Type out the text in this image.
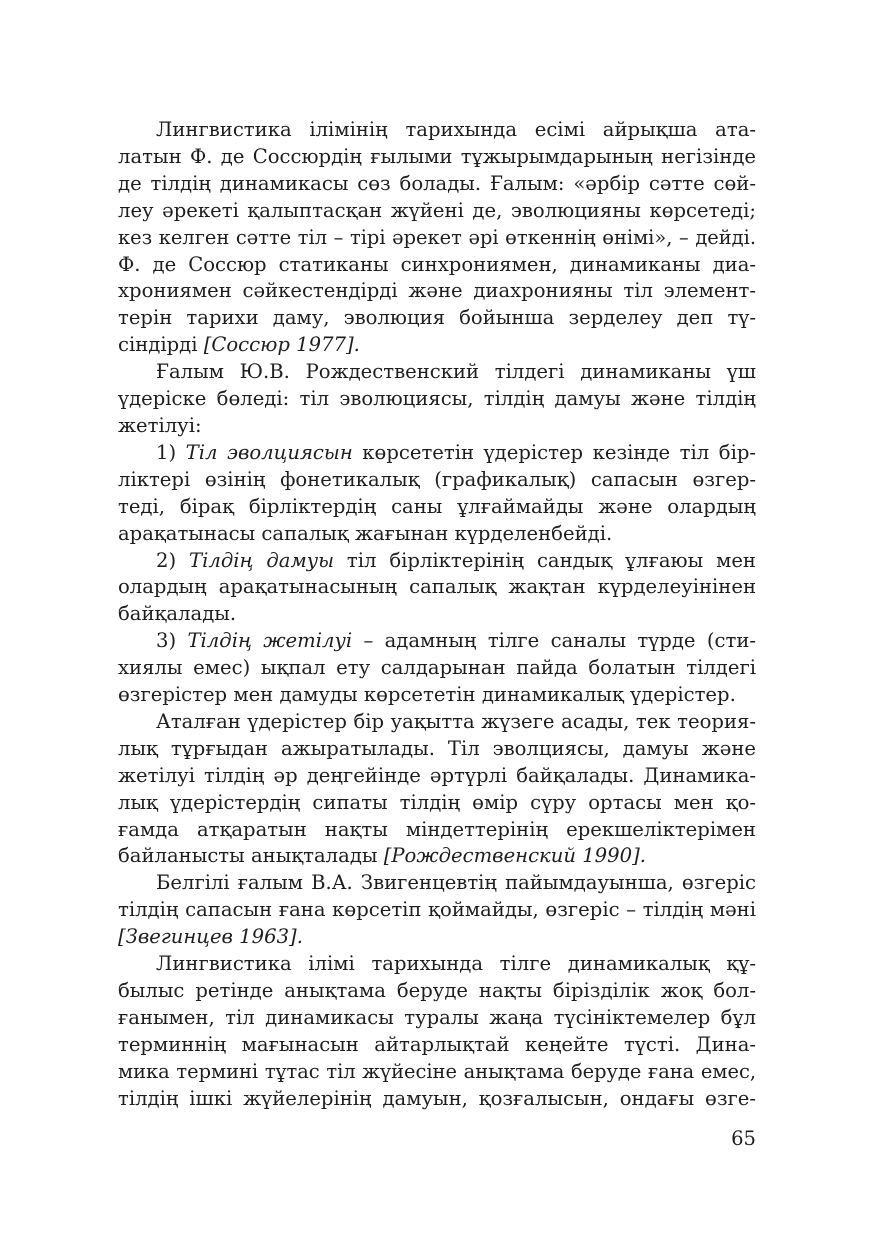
Лингвистика ілімінің тарихында есімі айрықша ата-
латын Ф. де Соссюрдің ғылыми тұжырымдарының негізінде
де тілдің динамикасы сөз болады. Ғалым: «әрбір сәтте сөй-
леу әрекеті қалыптасқан жүйені де, эволюцияны көрсетеді;
кез келген сәтте тіл – тірі әрекет әрі өткеннің өнімі», – дейді.
Ф. де Соссюр статиканы синхрониямен, динамиканы диа-
хрониямен сәйкестендірді және диахронияны тіл элемент-
терін тарихи даму, эволюция бойынша зерделеу деп тү-
сіндірді [Соссюр 1977].

Ғалым Ю.В. Рождественский тілдегі динамиканы үш
үдеріске бөледі: тіл эволюциясы, тілдің дамуы және тілдің
жетілуі:

1) Тіл эволциясын көрсететін үдерістер кезінде тіл бір-
ліктері өзінің фонетикалық (графикалық) сапасын өзгер-
теді, бірақ бірліктердің саны ұлғаймайды және олардың
арақатынасы сапалық жағынан күрделенбейді.

2) Тілдің дамуы тіл бірліктерінің сандық ұлғаюы мен
олардың арақатынасының сапалық жақтан күрделеуінінен
байқалады.

3) Тілдің жетілуі – адамның тілге саналы түрде (сти-
хиялы емес) ықпал ету салдарынан пайда болатын тілдегі
өзгерістер мен дамуды көрсететін динамикалық үдерістер.

Аталған үдерістер бір уақытта жүзеге асады, тек теория-
лық тұрғыдан ажыратылады. Тіл эволциясы, дамуы және
жетілуі тілдің әр деңгейінде әртүрлі байқалады. Динамика-
лық үдерістердің сипаты тілдің өмір сүру ортасы мен қо-
ғамда атқаратын нақты міндеттерінің ерекшеліктерімен
байланысты анықталады [Рождественский 1990].

Белгілі ғалым В.А. Звигенцевтің пайымдауынша, өзгеріс
тілдің сапасын ғана көрсетіп қоймайды, өзгеріс – тілдің мәні
[Звегинцев 1963].

Лингвистика ілімі тарихында тілге динамикалық құ-
былыс ретінде анықтама беруде нақты бірізділік жоқ бол-
ғанымен, тіл динамикасы туралы жаңа түсініктемелер бұл
терминнің мағынасын айтарлықтай кеңейте түсті. Дина-
мика термині тұтас тіл жүйесіне анықтама беруде ғана емес,
тілдің ішкі жүйелерінің дамуын, қозғалысын, ондағы өзге-

65
